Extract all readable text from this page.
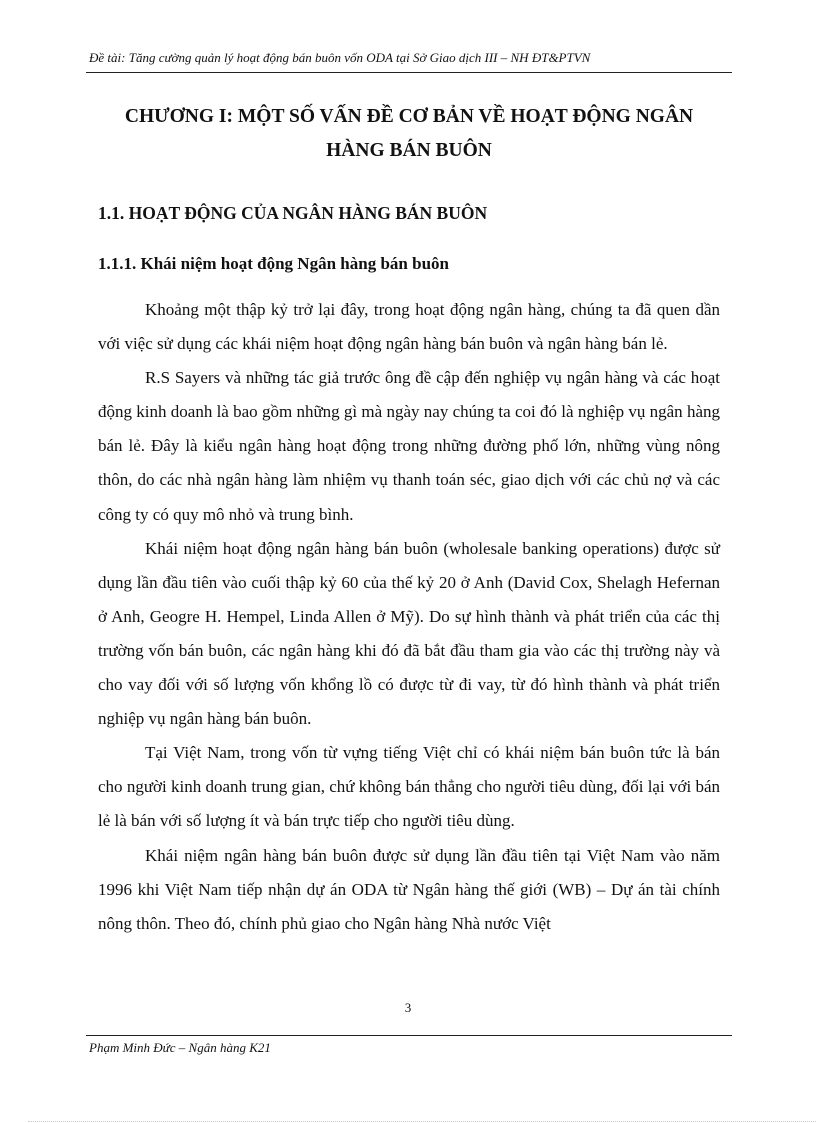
Đề tài: Tăng cường quản lý hoạt động bán buôn vốn ODA tại Sở Giao dịch III – NH ĐT&PTVN
CHƯƠNG I: MỘT SỐ VẤN ĐỀ CƠ BẢN VỀ HOẠT ĐỘNG NGÂN
HÀNG BÁN BUÔN
1.1. HOẠT ĐỘNG CỦA NGÂN HÀNG BÁN BUÔN
1.1.1. Khái niệm hoạt động Ngân hàng bán buôn

Khoảng một thập kỷ trở lại đây, trong hoạt động ngân hàng, chúng ta đã quen dần với việc sử dụng các khái niệm hoạt động ngân hàng bán buôn và ngân hàng bán lẻ.

R.S Sayers và những tác giả trước ông đề cập đến nghiệp vụ ngân hàng và các hoạt động kinh doanh là bao gồm những gì mà ngày nay chúng ta coi đó là nghiệp vụ ngân hàng bán lẻ. Đây là kiểu ngân hàng hoạt động trong những đường phố lớn, những vùng nông thôn, do các nhà ngân hàng làm nhiệm vụ thanh toán séc, giao dịch với các chủ nợ và các công ty có quy mô nhỏ và trung bình.

Khái niệm hoạt động ngân hàng bán buôn (wholesale banking operations) được sử dụng lần đầu tiên vào cuối thập kỷ 60 của thế kỷ 20 ở Anh (David Cox, Shelagh Hefernan ở Anh, Geogre H. Hempel, Linda Allen ở Mỹ). Do sự hình thành và phát triển của các thị trường vốn bán buôn, các ngân hàng khi đó đã bắt đầu tham gia vào các thị trường này và cho vay đối với số lượng vốn khổng lồ có được từ đi vay, từ đó hình thành và phát triển nghiệp vụ ngân hàng bán buôn.

Tại Việt Nam, trong vốn từ vựng tiếng Việt chỉ có khái niệm bán buôn tức là bán cho người kinh doanh trung gian, chứ không bán thẳng cho người tiêu dùng, đối lại với bán lẻ là bán với số lượng ít và bán trực tiếp cho người tiêu dùng.

Khái niệm ngân hàng bán buôn được sử dụng lần đầu tiên tại Việt Nam vào năm 1996 khi Việt Nam tiếp nhận dự án ODA từ Ngân hàng thế giới (WB) – Dự án tài chính nông thôn. Theo đó, chính phủ giao cho Ngân hàng Nhà nước Việt

3
Phạm Minh Đức – Ngân hàng K21
